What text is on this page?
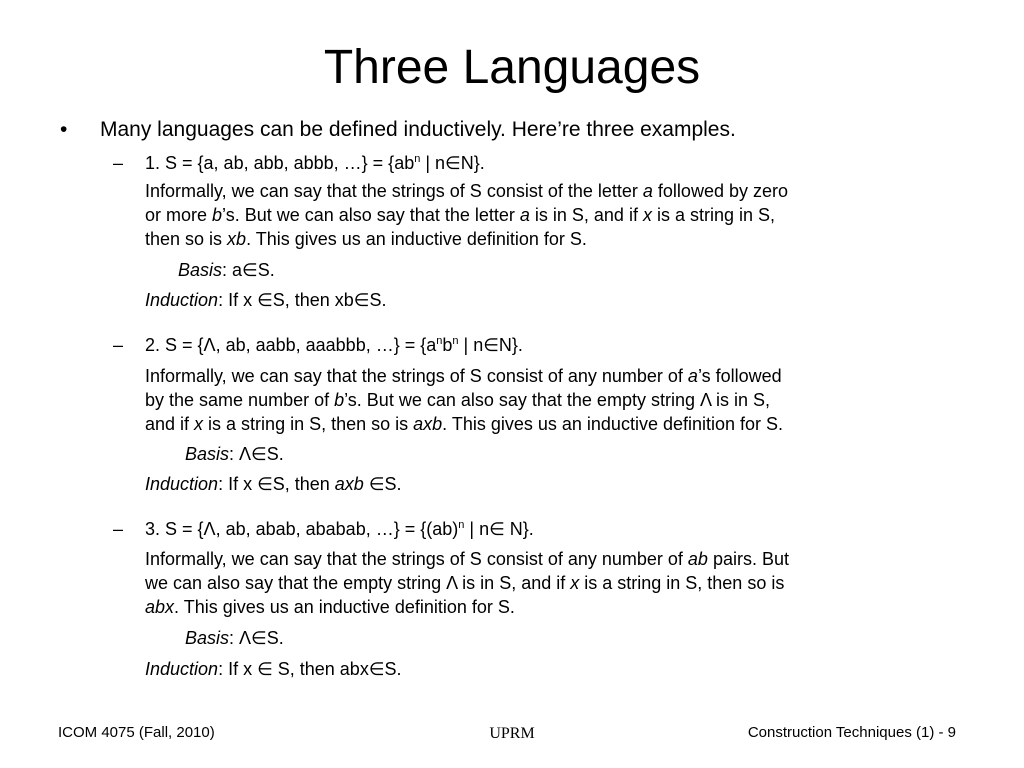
Three Languages
• Many languages can be defined inductively. Here’re three examples.
– 1. S = {a, ab, abb, abbb, …} = {$ab^n$ | n∈N}.
Informally, we can say that the strings of S consist of the letter a followed by zero
or more b’s. But we can also say that the letter a is in S, and if x is a string in S,
then so is xb. This gives us an inductive definition for S.
Basis: a∈S.
Induction: If x ∈S, then xb∈S.
– 2. S = {Λ, ab, aabb, aaabbb, …} = {$a^nb^n$ | n∈N}.
Informally, we can say that the strings of S consist of any number of a’s followed
by the same number of b’s. But we can also say that the empty string Λ is in S,
and if x is a string in S, then so is axb. This gives us an inductive definition for S.
Basis: Λ∈S.
Induction: If x ∈S, then axb ∈S.
– 3. S = {Λ, ab, abab, ababab, …} = {(ab)$^n$ | n∈ N}.
Informally, we can say that the strings of S consist of any number of ab pairs. But
we can also say that the empty string Λ is in S, and if x is a string in S, then so is
abx. This gives us an inductive definition for S.
Basis: Λ∈S.
Induction: If x ∈ S, then abx∈S.
ICOM 4075 (Fall, 2010)	UPRM	Construction Techniques (1) - 9
